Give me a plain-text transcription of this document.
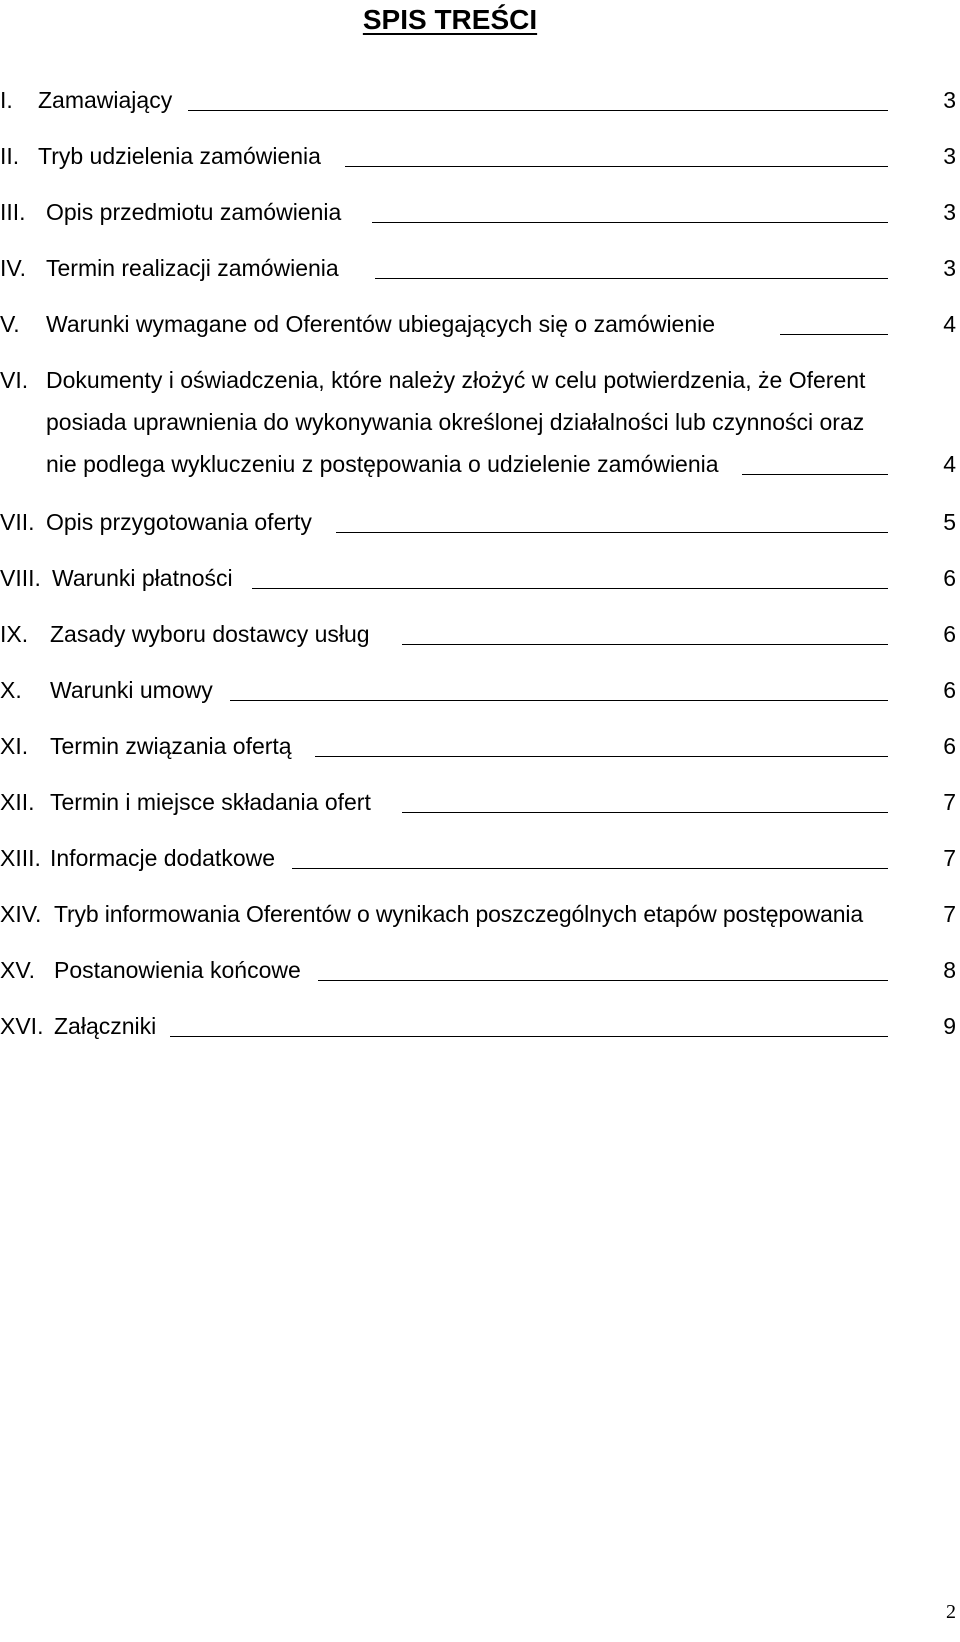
SPIS TREŚCI
I. Zamawiający	3
II. Tryb udzielenia zamówienia	3
III. Opis przedmiotu zamówienia	3
IV. Termin realizacji zamówienia	3
V. Warunki wymagane od Oferentów ubiegających się o zamówienie	4
VI. Dokumenty i oświadczenia, które należy złożyć w celu potwierdzenia, że Oferent
posiada uprawnienia do wykonywania określonej działalności lub czynności oraz
nie podlega wykluczeniu z postępowania o udzielenie zamówienia	4
VII. Opis przygotowania oferty	5
VIII. Warunki płatności	6
IX. Zasady wyboru dostawcy usług	6
X. Warunki umowy	6
XI. Termin związania ofertą	6
XII. Termin i miejsce składania ofert	7
XIII. Informacje dodatkowe	7
XIV. Tryb informowania Oferentów o wynikach poszczególnych etapów postępowania	7
XV. Postanowienia końcowe	8
XVI. Załączniki	9
2
